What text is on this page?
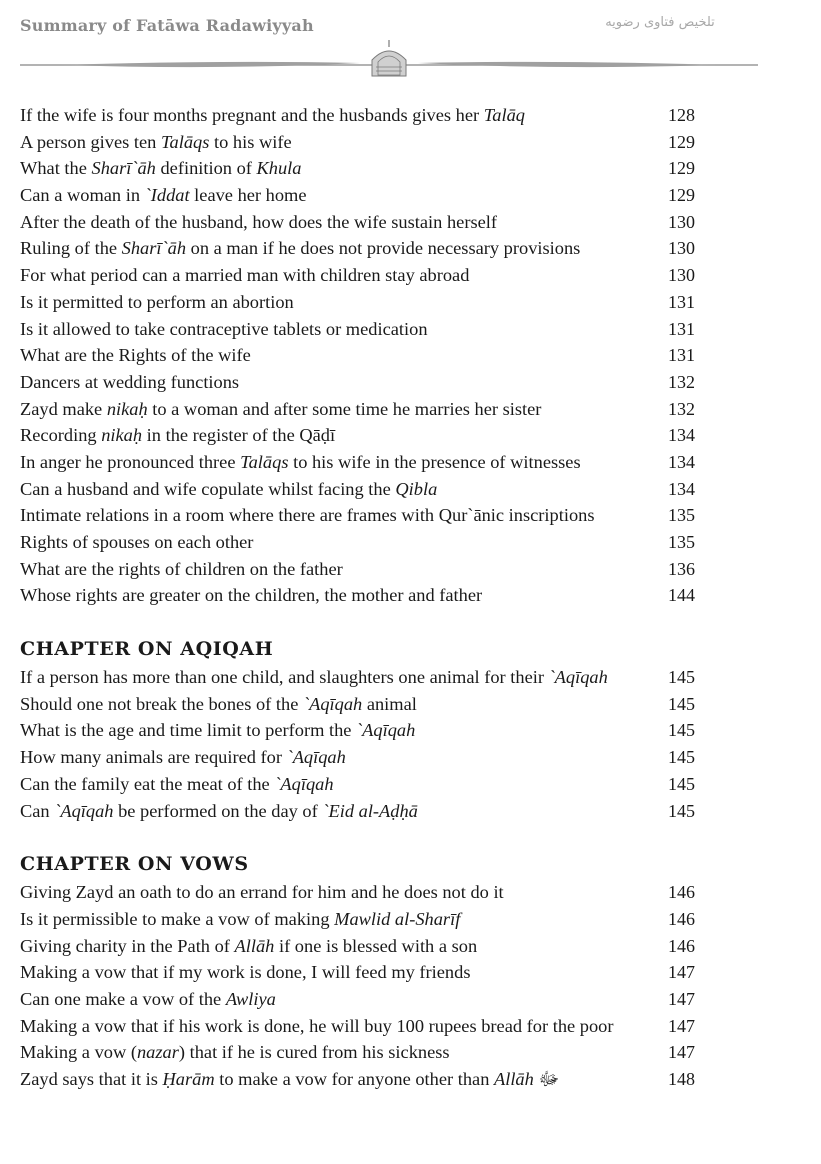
Summary of Fatāwa Radawiyyah	تلخیص فتاوی رضویه
If the wife is four months pregnant and the husbands gives her Talāq	128
A person gives ten Talāqs to his wife	129
What the Sharī`āh definition of Khula	129
Can a woman in `Iddat leave her home	129
After the death of the husband, how does the wife sustain herself	130
Ruling of the Sharī`āh on a man if he does not provide necessary provisions	130
For what period can a married man with children stay abroad	130
Is it permitted to perform an abortion	131
Is it allowed to take contraceptive tablets or medication	131
What are the Rights of the wife	131
Dancers at wedding functions	132
Zayd make nikaḥ to a woman and after some time he marries her sister	132
Recording nikaḥ in the register of the Qāḍī	134
In anger he pronounced three Talāqs to his wife in the presence of witnesses	134
Can a husband and wife copulate whilst facing the Qibla	134
Intimate relations in a room where there are frames with Qur`ānic inscriptions	135
Rights of spouses on each other	135
What are the rights of children on the father	136
Whose rights are greater on the children, the mother and father	144
CHAPTER ON AQIQAH
If a person has more than one child, and slaughters one animal for their `Aqīqah	145
Should one not break the bones of the `Aqīqah animal	145
What is the age and time limit to perform the `Aqīqah	145
How many animals are required for `Aqīqah	145
Can the family eat the meat of the `Aqīqah	145
Can `Aqīqah be performed on the day of `Eid al-Aḍḥā	145
CHAPTER ON VOWS
Giving Zayd an oath to do an errand for him and he does not do it	146
Is it permissible to make a vow of making Mawlid al-Sharīf	146
Giving charity in the Path of Allāh if one is blessed with a son	146
Making a vow that if my work is done, I will feed my friends	147
Can one make a vow of the Awliya	147
Making a vow that if his work is done, he will buy 100 rupees bread for the poor	147
Making a vow (nazar) that if he is cured from his sickness	147
Zayd says that it is Ḥarām to make a vow for anyone other than Allāh ﷻ	148
